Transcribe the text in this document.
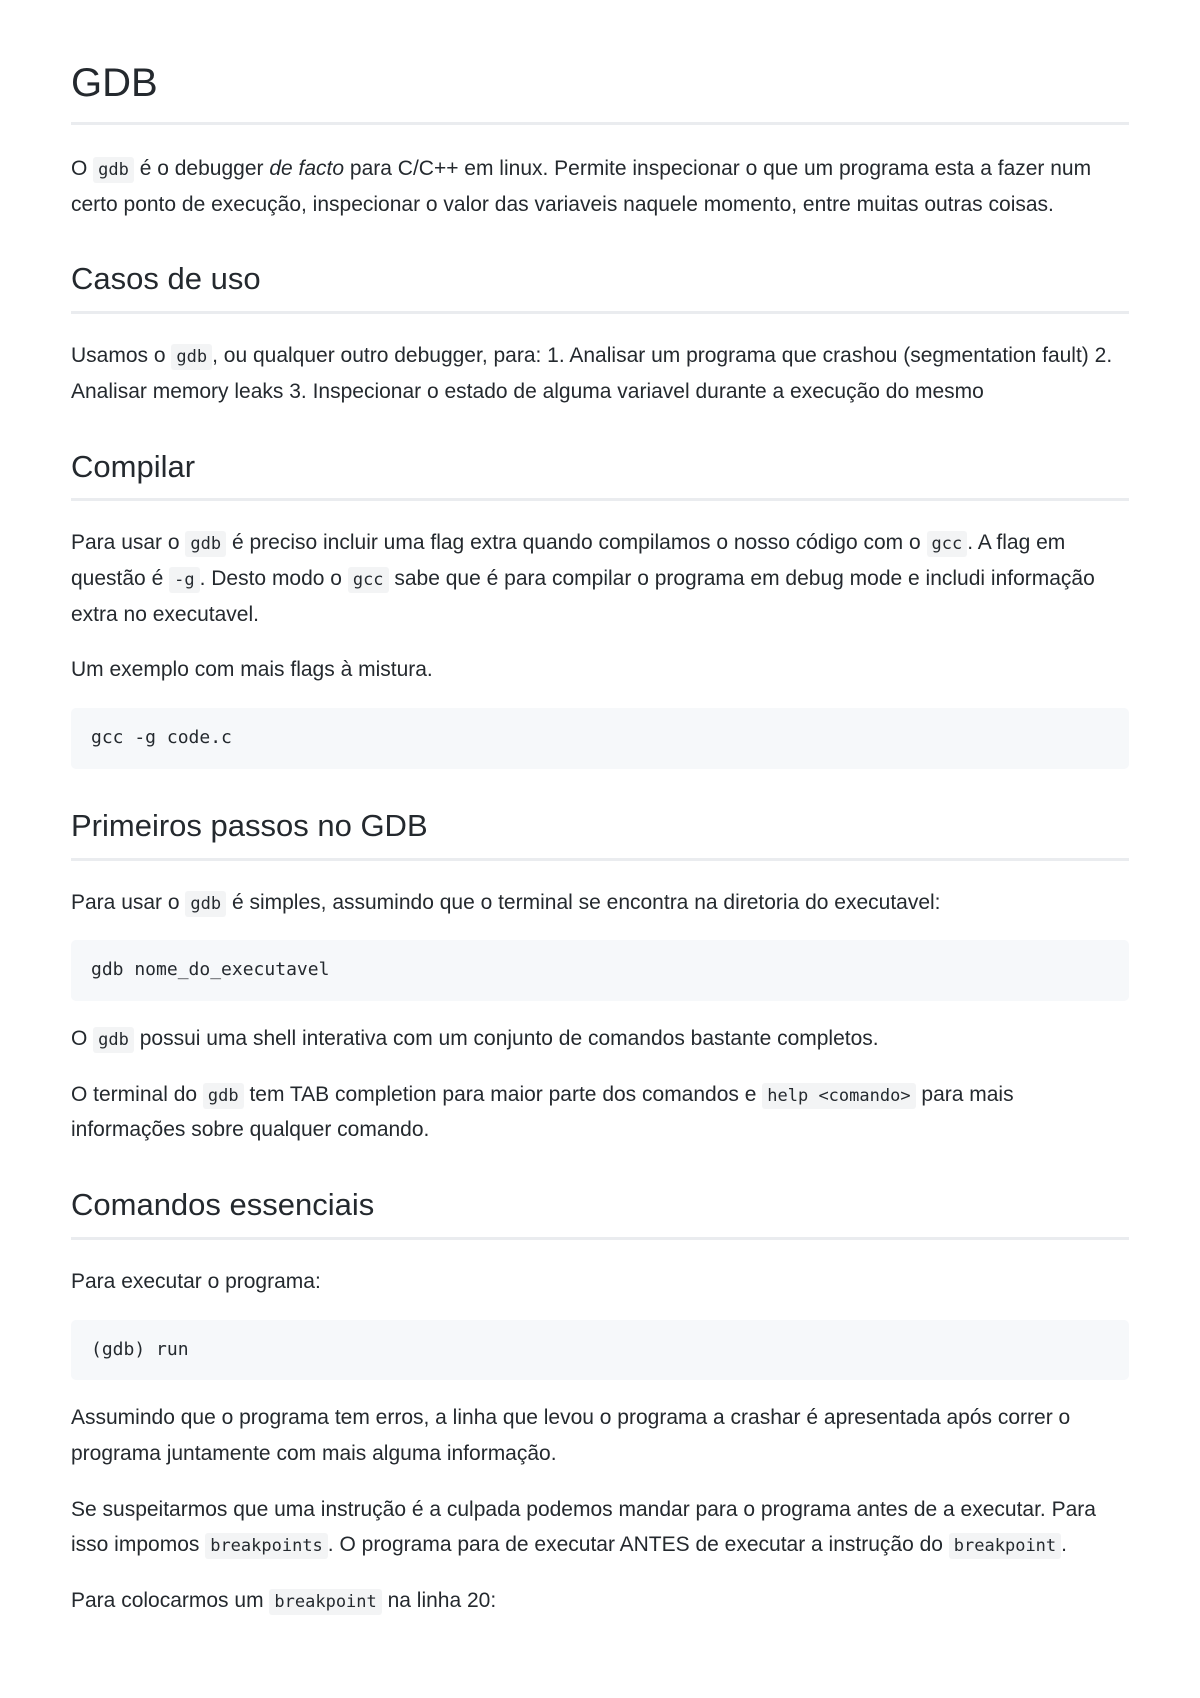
GDB

O gdb é o debugger de facto para C/C++ em linux. Permite inspecionar o que um programa esta a fazer num certo ponto de execução, inspecionar o valor das variaveis naquele momento, entre muitas outras coisas.

Casos de uso

Usamos o gdb , ou qualquer outro debugger, para: 1. Analisar um programa que crashou (segmentation fault) 2. Analisar memory leaks 3. Inspecionar o estado de alguma variavel durante a execução do mesmo

Compilar

Para usar o gdb é preciso incluir uma flag extra quando compilamos o nosso código com o gcc . A flag em questão é -g . Desto modo o gcc sabe que é para compilar o programa em debug mode e includi informação extra no executavel.

Um exemplo com mais flags à mistura.

gcc -g code.c
Primeiros passos no GDB

Para usar o gdb é simples, assumindo que o terminal se encontra na diretoria do executavel:

gdb nome_do_executavel

O gdb possui uma shell interativa com um conjunto de comandos bastante completos.

O terminal do gdb tem TAB completion para maior parte dos comandos e help <comando> para mais informações sobre qualquer comando.

Comandos essenciais

Para executar o programa:

(gdb) run

Assumindo que o programa tem erros, a linha que levou o programa a crashar é apresentada após correr o programa juntamente com mais alguma informação.

Se suspeitarmos que uma instrução é a culpada podemos mandar para o programa antes de a executar. Para isso impomos breakpoints . O programa para de executar ANTES de executar a instrução do breakpoint .

Para colocarmos um breakpoint na linha 20:
